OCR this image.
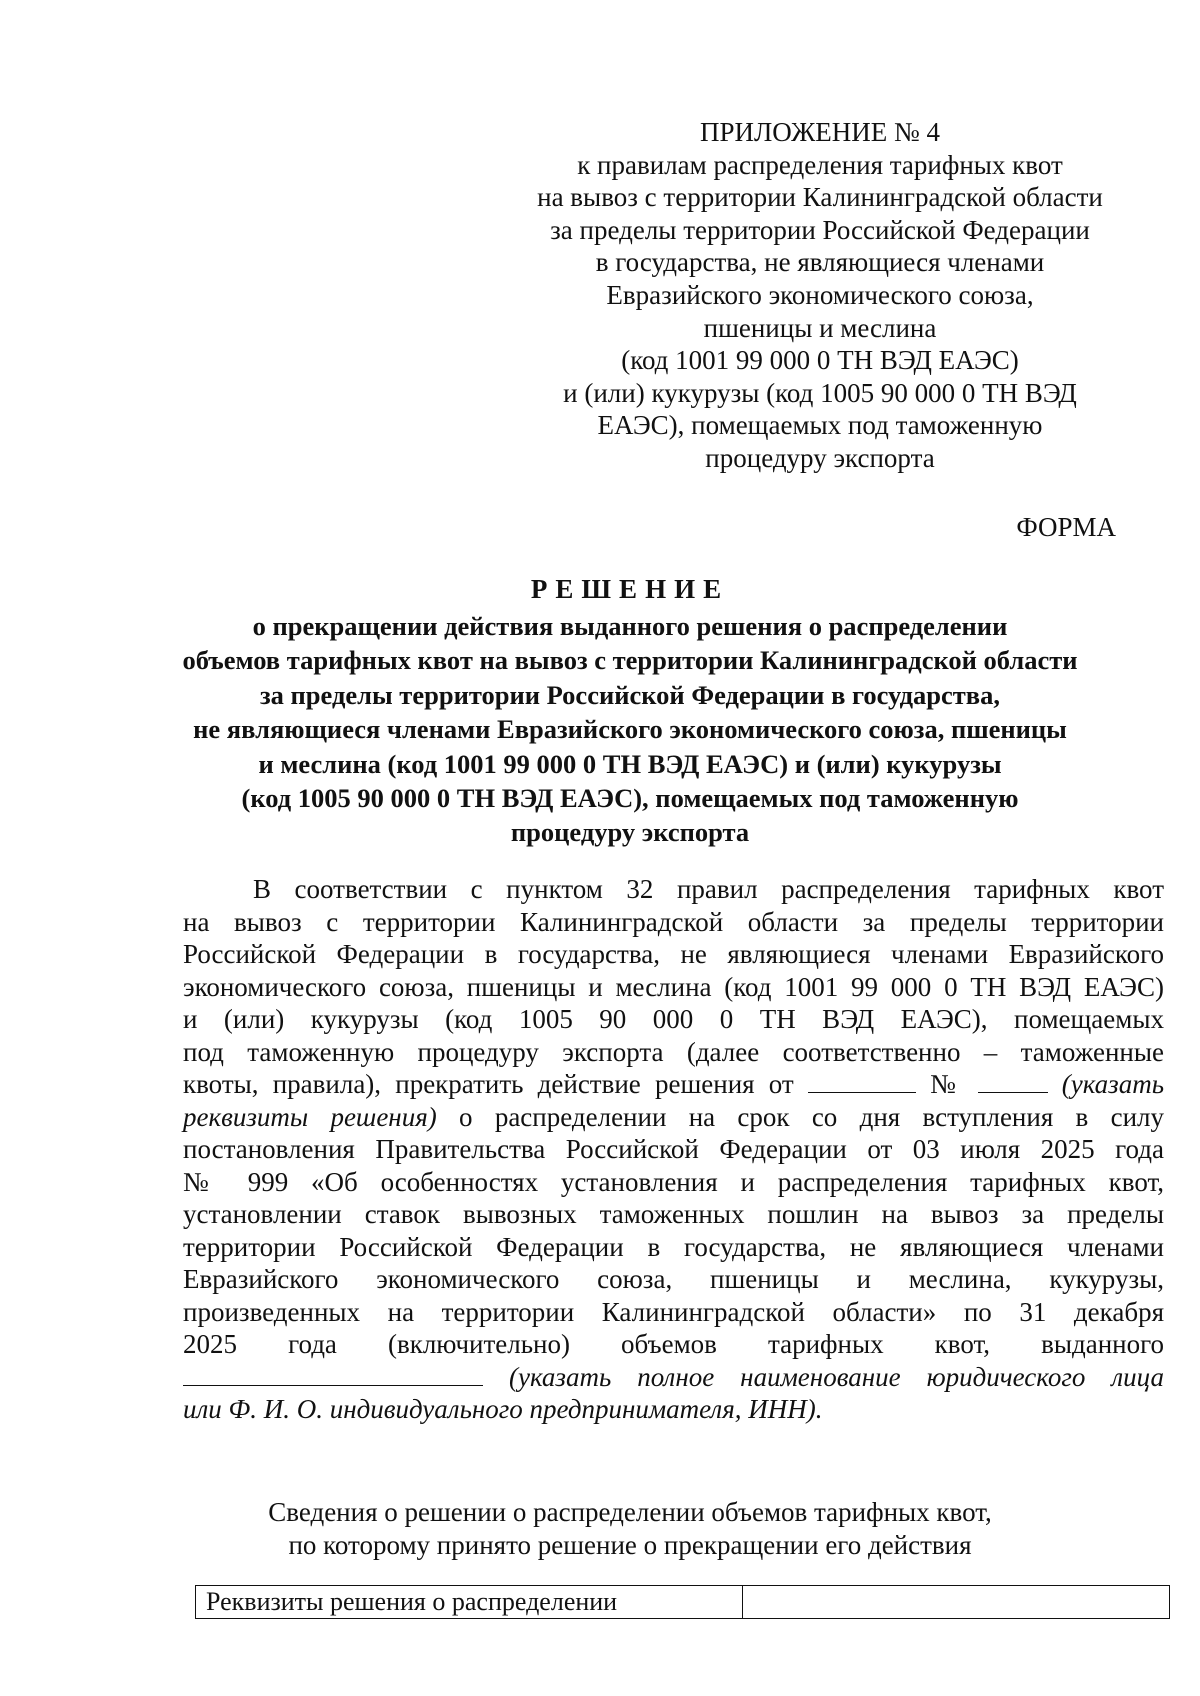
ПРИЛОЖЕНИЕ № 4
к правилам распределения тарифных квот
на вывоз с территории Калининградской области
за пределы территории Российской Федерации
в государства, не являющиеся членами
Евразийского экономического союза,
пшеницы и меслина
(код 1001 99 000 0 ТН ВЭД ЕАЭС)
и (или) кукурузы (код 1005 90 000 0 ТН ВЭД
ЕАЭС), помещаемых под таможенную
процедуру экспорта
ФОРМА
РЕШЕНИЕ
о прекращении действия выданного решения о распределении
объемов тарифных квот на вывоз с территории Калининградской области
за пределы территории Российской Федерации в государства,
не являющиеся членами Евразийского экономического союза, пшеницы
и меслина (код 1001 99 000 0 ТН ВЭД ЕАЭС) и (или) кукурузы
(код 1005 90 000 0 ТН ВЭД ЕАЭС), помещаемых под таможенную
процедуру экспорта
В соответствии с пунктом 32 правил распределения тарифных квот
на вывоз с территории Калининградской области за пределы территории
Российской Федерации в государства, не являющиеся членами Евразийского
экономического союза, пшеницы и меслина (код 1001 99 000 0 ТН ВЭД ЕАЭС)
и (или) кукурузы (код 1005 90 000 0 ТН ВЭД ЕАЭС), помещаемых
под таможенную процедуру экспорта (далее соответственно – таможенные
квоты, правила), прекратить действие решения от	№	(указать
реквизиты решения) о распределении на срок со дня вступления в силу
постановления Правительства Российской Федерации от 03 июля 2025 года
№ 999 «Об особенностях установления и распределения тарифных квот,
установлении ставок вывозных таможенных пошлин на вывоз за пределы
территории Российской Федерации в государства, не являющиеся членами
Евразийского экономического союза, пшеницы и меслина, кукурузы,
произведенных на территории Калининградской области» по 31 декабря
2025 года (включительно) объемов тарифных квот, выданного
(указать полное наименование юридического лица
или Ф. И. О. индивидуального предпринимателя, ИНН).
Сведения о решении о распределении объемов тарифных квот,
по которому принято решение о прекращении его действия
Реквизиты решения о распределении	
